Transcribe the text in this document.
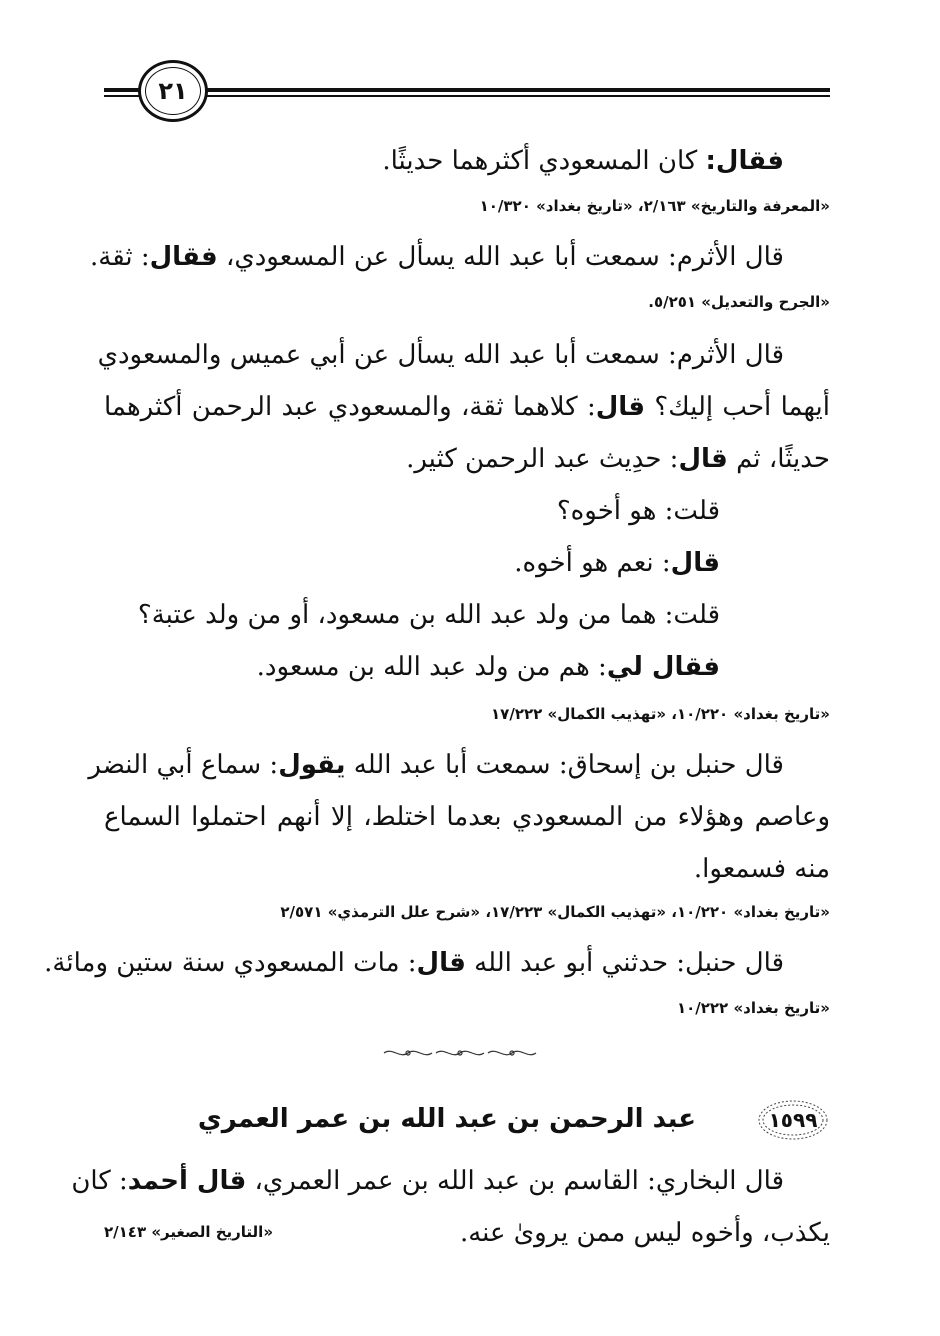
٢١
فقال: كان المسعودي أكثرهما حديثًا.
«المعرفة والتاريخ» ٢/١٦٣، «تاريخ بغداد» ١٠/٣٢٠
قال الأثرم: سمعت أبا عبد الله يسأل عن المسعودي، فقال: ثقة.
«الجرح والتعديل» ٥/٢٥١.
قال الأثرم: سمعت أبا عبد الله يسأل عن أبي عميس والمسعودي
أيهما أحب إليك؟ قال: كلاهما ثقة، والمسعودي عبد الرحمن أكثرهما
حديثًا، ثم قال: حدِيث عبد الرحمن كثير.
قلت: هو أخوه؟
قال: نعم هو أخوه.
قلت: هما من ولد عبد الله بن مسعود، أو من ولد عتبة؟
فقال لي: هم من ولد عبد الله بن مسعود.
«تاريخ بغداد» ١٠/٢٢٠، «تهذيب الكمال» ١٧/٢٢٢
قال حنبل بن إسحاق: سمعت أبا عبد الله يقول: سماع أبي النضر
وعاصم وهؤلاء من المسعودي بعدما اختلط، إلا أنهم احتملوا السماع
منه فسمعوا.
«تاريخ بغداد» ١٠/٢٢٠، «تهذيب الكمال» ١٧/٢٢٣، «شرح علل الترمذي» ٢/٥٧١
قال حنبل: حدثني أبو عبد الله قال: مات المسعودي سنة ستين ومائة.
«تاريخ بغداد» ١٠/٢٢٢
١٥٩٩
عبد الرحمن بن عبد الله بن عمر العمري
قال البخاري: القاسم بن عبد الله بن عمر العمري، قال أحمد: كان
يكذب، وأخوه ليس ممن يرویٰ عنه.
«التاريخ الصغير» ٢/١٤٣
